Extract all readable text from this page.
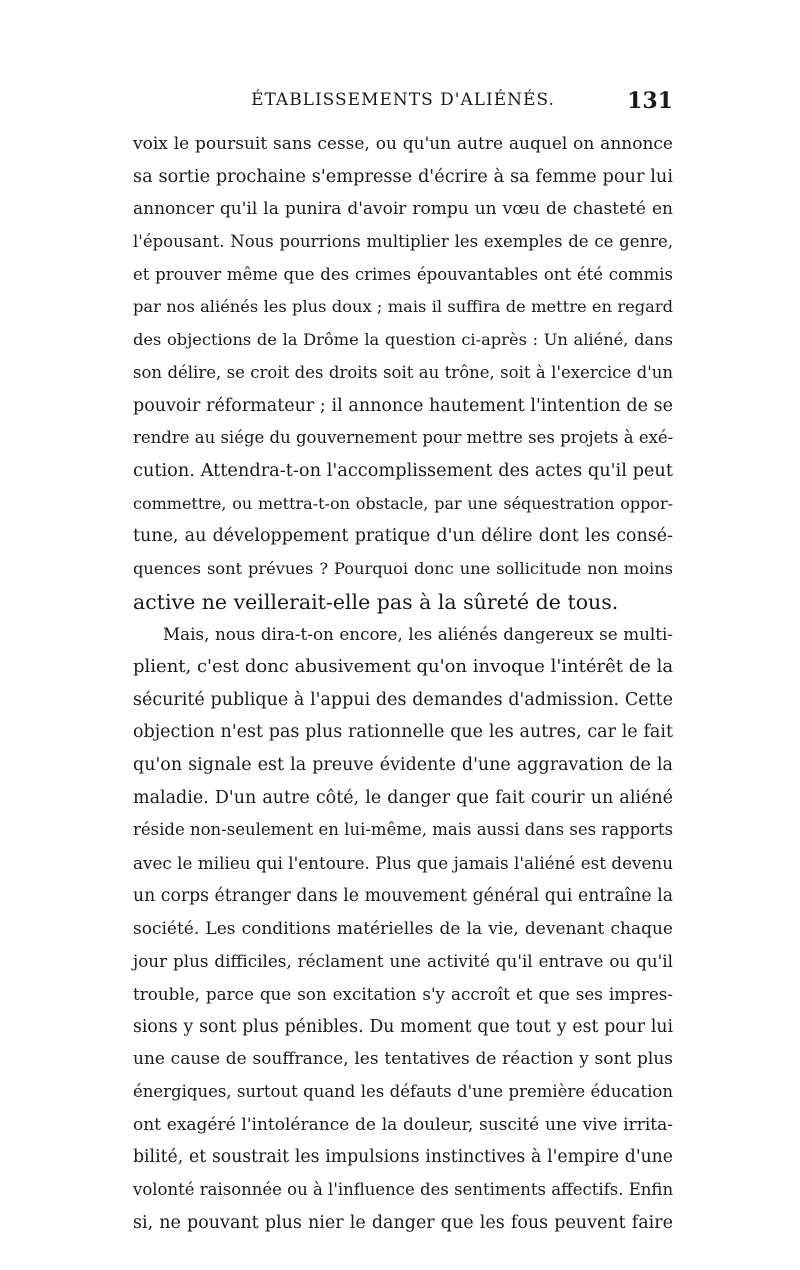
ÉTABLISSEMENTS D'ALIÉNÉS.	131
voix le poursuit sans cesse, ou qu'un autre auquel on annonce
sa sortie prochaine s'empresse d'écrire à sa femme pour lui
annoncer qu'il la punira d'avoir rompu un vœu de chasteté en
l'épousant. Nous pourrions multiplier les exemples de ce genre,
et prouver même que des crimes épouvantables ont été commis
par nos aliénés les plus doux ; mais il suffira de mettre en regard
des objections de la Drôme la question ci-après : Un aliéné, dans
son délire, se croit des droits soit au trône, soit à l'exercice d'un
pouvoir réformateur ; il annonce hautement l'intention de se
rendre au siége du gouvernement pour mettre ses projets à exé-
cution. Attendra-t-on l'accomplissement des actes qu'il peut
commettre, ou mettra-t-on obstacle, par une séquestration oppor-
tune, au développement pratique d'un délire dont les consé-
quences sont prévues ? Pourquoi donc une sollicitude non moins
active ne veillerait-elle pas à la sûreté de tous.
Mais, nous dira-t-on encore, les aliénés dangereux se multi-
plient, c'est donc abusivement qu'on invoque l'intérêt de la
sécurité publique à l'appui des demandes d'admission. Cette
objection n'est pas plus rationnelle que les autres, car le fait
qu'on signale est la preuve évidente d'une aggravation de la
maladie. D'un autre côté, le danger que fait courir un aliéné
réside non-seulement en lui-même, mais aussi dans ses rapports
avec le milieu qui l'entoure. Plus que jamais l'aliéné est devenu
un corps étranger dans le mouvement général qui entraîne la
société. Les conditions matérielles de la vie, devenant chaque
jour plus difficiles, réclament une activité qu'il entrave ou qu'il
trouble, parce que son excitation s'y accroît et que ses impres-
sions y sont plus pénibles. Du moment que tout y est pour lui
une cause de souffrance, les tentatives de réaction y sont plus
énergiques, surtout quand les défauts d'une première éducation
ont exagéré l'intolérance de la douleur, suscité une vive irrita-
bilité, et soustrait les impulsions instinctives à l'empire d'une
volonté raisonnée ou à l'influence des sentiments affectifs. Enfin
si, ne pouvant plus nier le danger que les fous peuvent faire
